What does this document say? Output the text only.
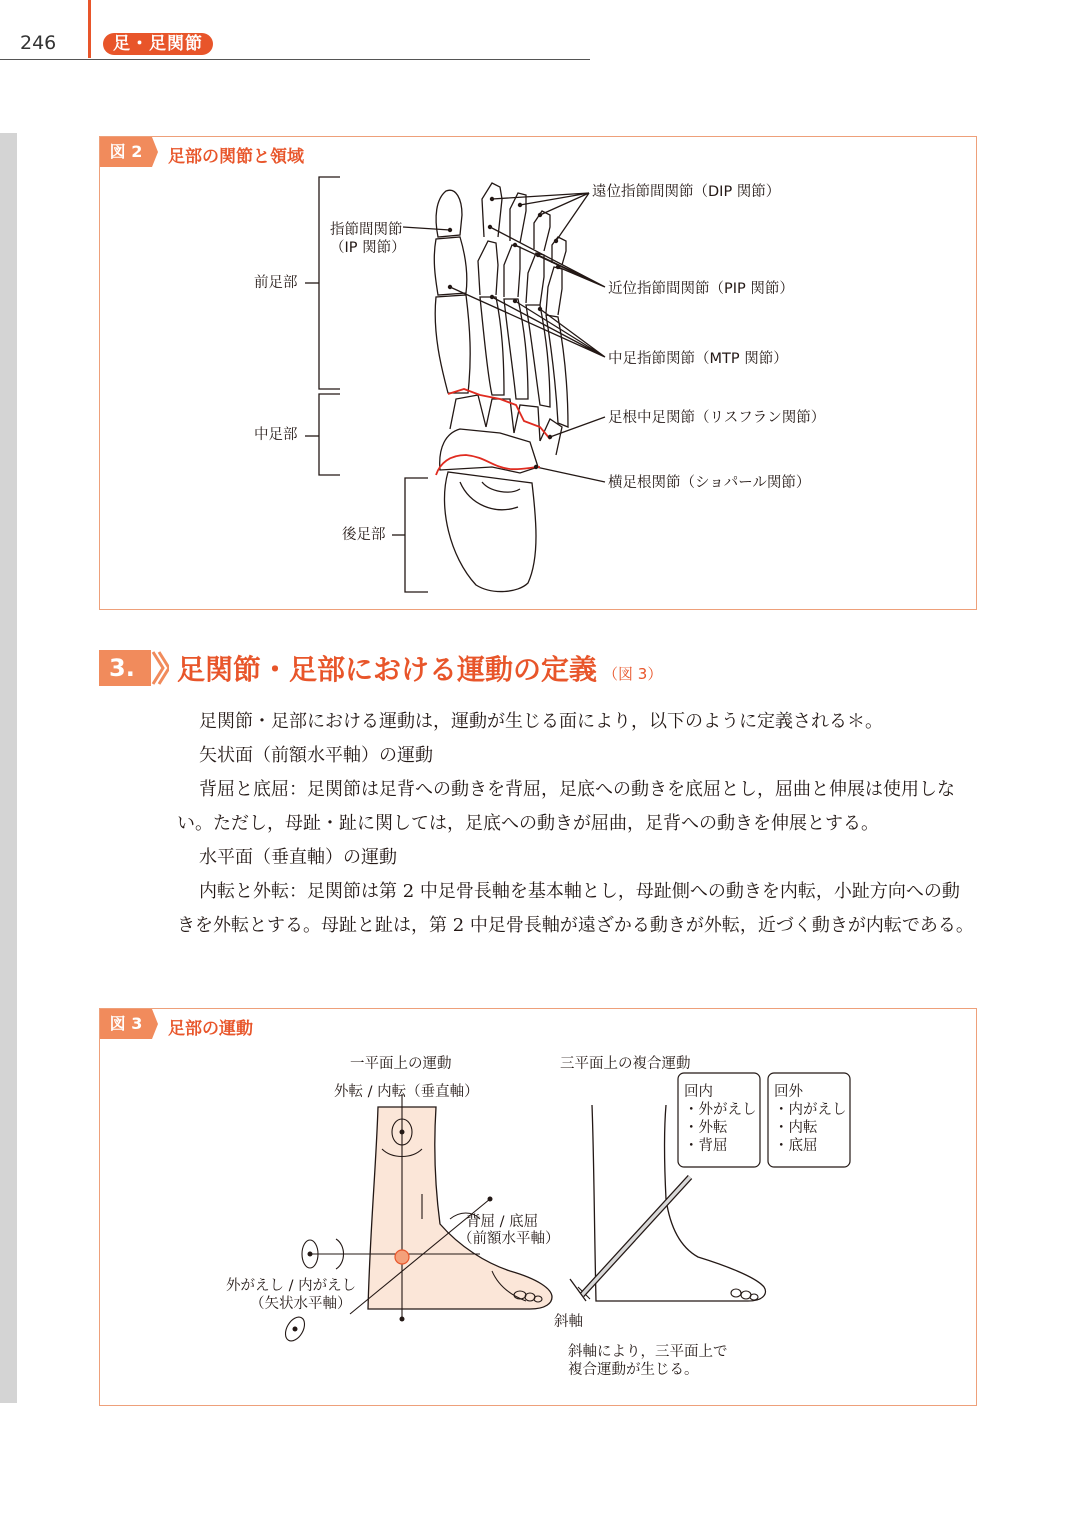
246	足・足関節
図 2	足部の関節と領域
遠位指節間関節（DIP 関節）
指節間関節
（IP 関節）
前足部	近位指節間関節（PIP 関節）
中足指節関節（MTP 関節）
足根中足関節（リスフラン関節）
中足部
横足根関節（ショパール関節）
後足部
3.	足関節・足部における運動の定義 （図 3）

足関節・足部における運動は，運動が生じる面により，以下のように定義される＊。

矢状面（前額水平軸）の運動

背屈と底屈：足関節は足背への動きを背屈，足底への動きを底屈とし，屈曲と伸展は使用しない。ただし，母趾・趾に関しては，足底への動きが屈曲，足背への動きを伸展とする。

水平面（垂直軸）の運動

内転と外転：足関節は第 2 中足骨長軸を基本軸とし，母趾側への動きを内転，小趾方向への動きを外転とする。母趾と趾は，第 2 中足骨長軸が遠ざかる動きが外転，近づく動きが内転である。

図 3	足部の運動
一平面上の運動	三平面上の複合運動
外転 / 内転（垂直軸）
背屈 / 底屈
（前額水平軸）
外がえし / 内がえし
（矢状水平軸）
回内
・外がえし
・外転
・背屈
回外
・内がえし
・内転
・底屈
斜軸
斜軸により，三平面上で
複合運動が生じる。
